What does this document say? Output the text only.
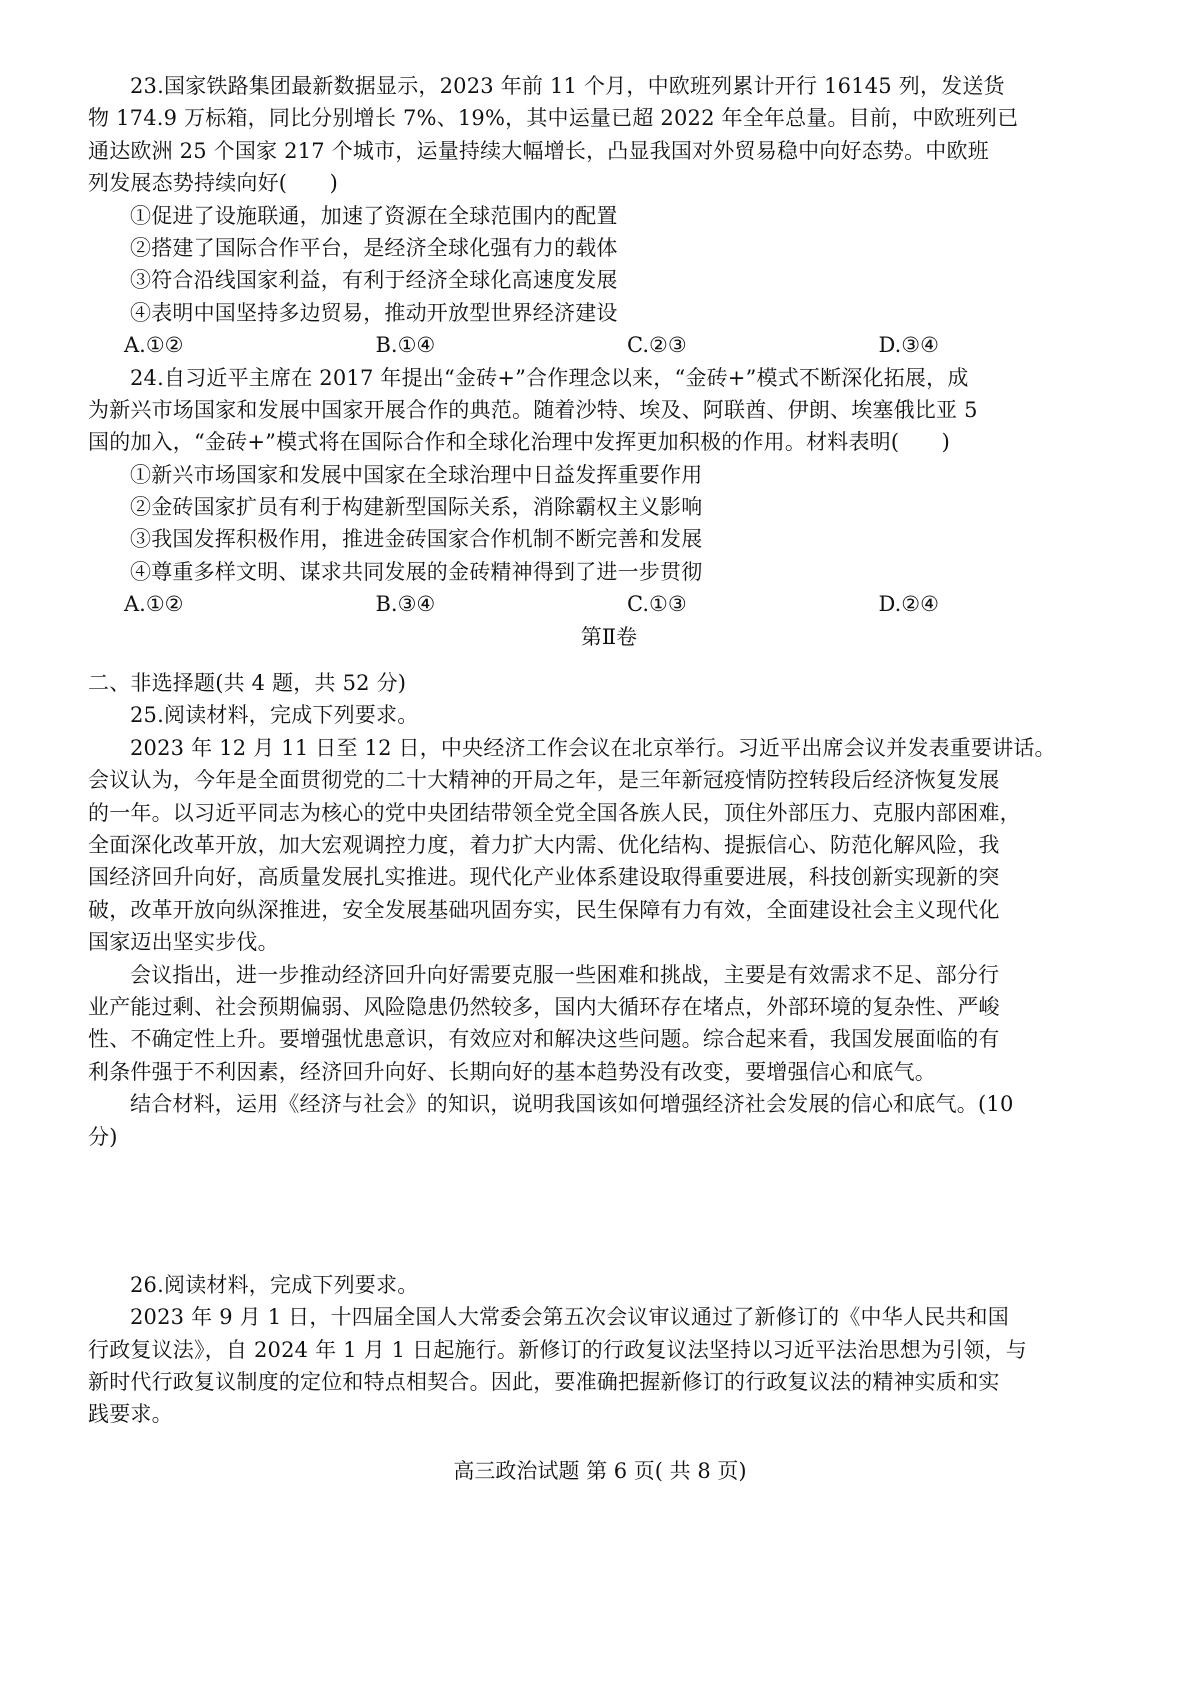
23.国家铁路集团最新数据显示，2023 年前 11 个月，中欧班列累计开行 16145 列，发送货
物 174.9 万标箱，同比分别增长 7%、19%，其中运量已超 2022 年全年总量。目前，中欧班列已
通达欧洲 25 个国家 217 个城市，运量持续大幅增长，凸显我国对外贸易稳中向好态势。中欧班
列发展态势持续向好(　　)
①促进了设施联通，加速了资源在全球范围内的配置
②搭建了国际合作平台，是经济全球化强有力的载体
③符合沿线国家利益，有利于经济全球化高速度发展
④表明中国坚持多边贸易，推动开放型世界经济建设
A.①②	B.①④	C.②③	D.③④
24.自习近平主席在 2017 年提出“金砖+”合作理念以来，“金砖+”模式不断深化拓展，成
为新兴市场国家和发展中国家开展合作的典范。随着沙特、埃及、阿联酋、伊朗、埃塞俄比亚 5
国的加入，“金砖+”模式将在国际合作和全球化治理中发挥更加积极的作用。材料表明(　　)
①新兴市场国家和发展中国家在全球治理中日益发挥重要作用
②金砖国家扩员有利于构建新型国际关系，消除霸权主义影响
③我国发挥积极作用，推进金砖国家合作机制不断完善和发展
④尊重多样文明、谋求共同发展的金砖精神得到了进一步贯彻
A.①②	B.③④	C.①③	D.②④
第Ⅱ卷
二、非选择题(共 4 题，共 52 分)
25.阅读材料，完成下列要求。
2023 年 12 月 11 日至 12 日，中央经济工作会议在北京举行。习近平出席会议并发表重要讲话。
会议认为，今年是全面贯彻党的二十大精神的开局之年，是三年新冠疫情防控转段后经济恢复发展
的一年。以习近平同志为核心的党中央团结带领全党全国各族人民，顶住外部压力、克服内部困难，
全面深化改革开放，加大宏观调控力度，着力扩大内需、优化结构、提振信心、防范化解风险，我
国经济回升向好，高质量发展扎实推进。现代化产业体系建设取得重要进展，科技创新实现新的突
破，改革开放向纵深推进，安全发展基础巩固夯实，民生保障有力有效，全面建设社会主义现代化
国家迈出坚实步伐。
会议指出，进一步推动经济回升向好需要克服一些困难和挑战，主要是有效需求不足、部分行
业产能过剩、社会预期偏弱、风险隐患仍然较多，国内大循环存在堵点，外部环境的复杂性、严峻
性、不确定性上升。要增强忧患意识，有效应对和解决这些问题。综合起来看，我国发展面临的有
利条件强于不利因素，经济回升向好、长期向好的基本趋势没有改变，要增强信心和底气。
结合材料，运用《经济与社会》的知识，说明我国该如何增强经济社会发展的信心和底气。(10
分)
26.阅读材料，完成下列要求。
2023 年 9 月 1 日，十四届全国人大常委会第五次会议审议通过了新修订的《中华人民共和国
行政复议法》，自 2024 年 1 月 1 日起施行。新修订的行政复议法坚持以习近平法治思想为引领，与
新时代行政复议制度的定位和特点相契合。因此，要准确把握新修订的行政复议法的精神实质和实
践要求。
高三政治试题 第 6 页( 共 8 页)
